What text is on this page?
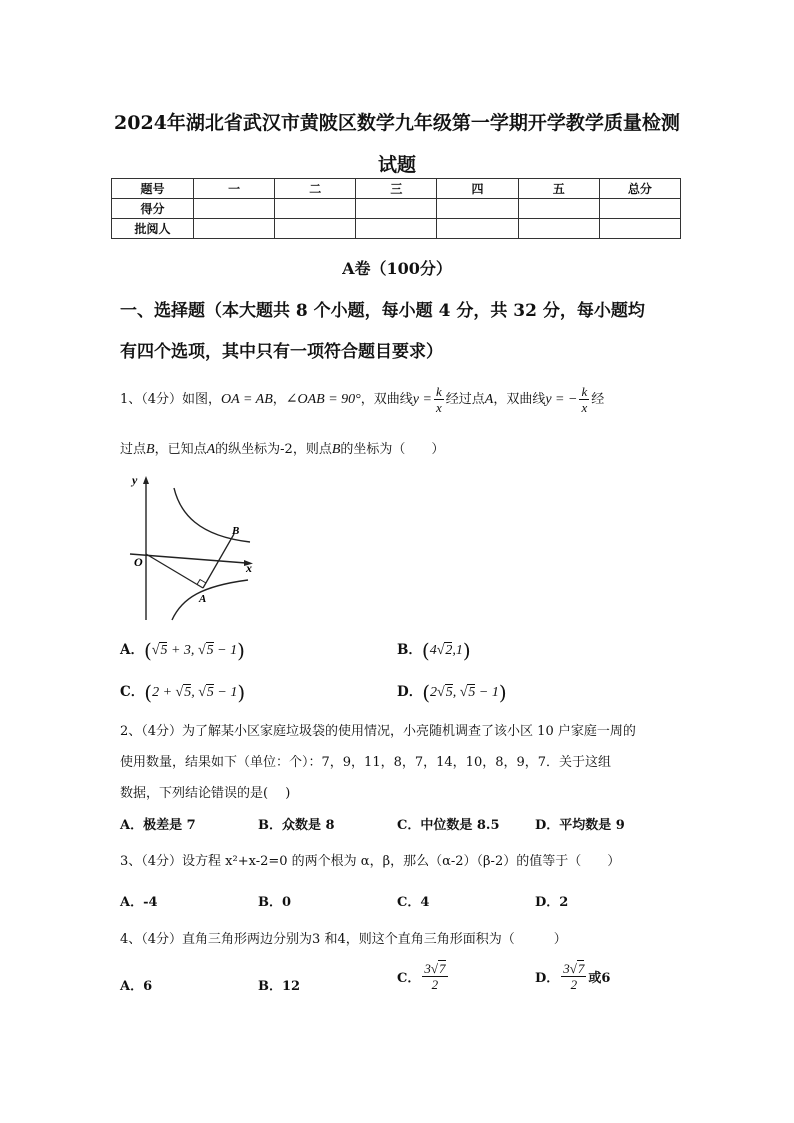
2024年湖北省武汉市黄陂区数学九年级第一学期开学教学质量检测
试题
题号	一	二	三	四	五	总分
得分						
批阅人						
A卷（100分）
一、选择题（本大题共 8 个小题，每小题 4 分，共 32 分，每小题均
有四个选项，其中只有一项符合题目要求）
1、（4分）如图，OA = AB，∠OAB = 90°，双曲线$y = \frac{k}{x}$ 经过点A，双曲线y = − $\frac{k}{x}$ 经
过点B，已知点A的纵坐标为-2，则点B的坐标为（　　）
y
x
O
A
B
A．(√5 + 3, √5 − 1)	B．(4√2,1)
C．(2 + √5, √5 − 1)	D．(2√5, √5 − 1)
2、（4分）为了解某小区家庭垃圾袋的使用情况，小亮随机调查了该小区 10 户家庭一周的
使用数量，结果如下（单位：个）：7，9，11，8，7，14，10，8，9，7．关于这组
数据，下列结论错误的是(　 )
A．极差是 7	B．众数是 8	C．中位数是 8.5	D．平均数是 9
3、（4分）设方程 x²+x-2=0 的两个根为 α，β，那么（α-2）（β-2）的值等于（　　）
A．-4	B．0	C．4	D．2
4、（4分）直角三角形两边分别为3 和4，则这个直角三角形面积为（　　　）
A．6	B．12
C． $\frac{3√7}{2}$	D． $\frac{3√7}{2}$ 或6
